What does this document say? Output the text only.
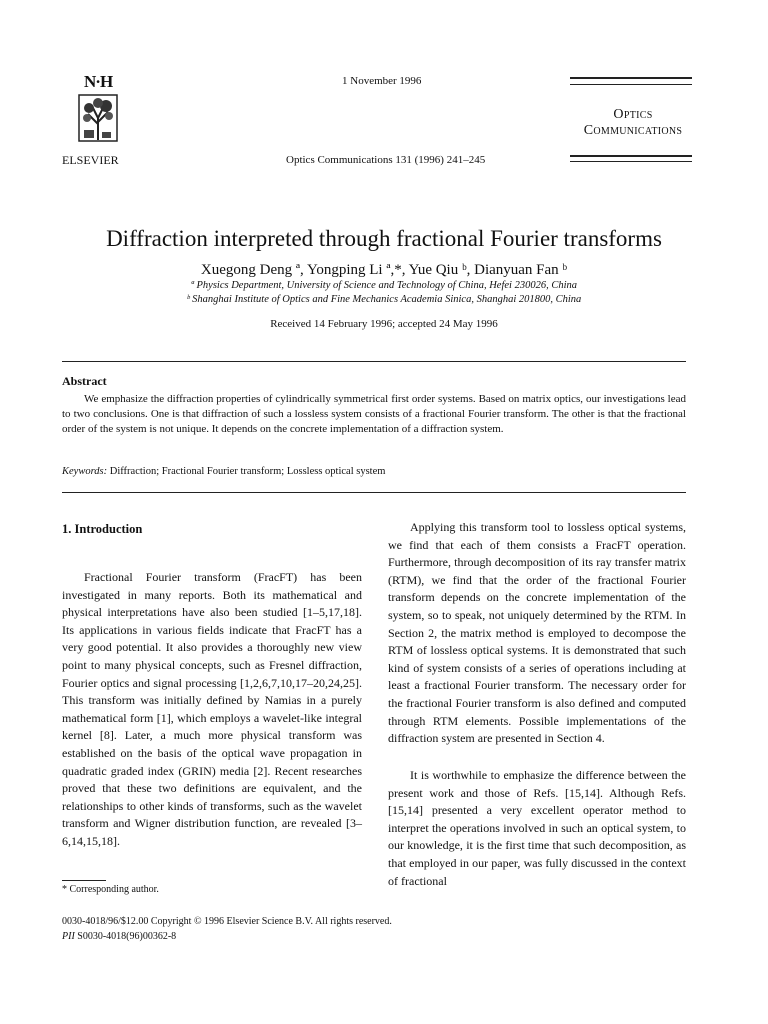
N·H
ELSEVIER
1 November 1996
Optics Communications 131 (1996) 241–245
Optics
Communications
Diffraction interpreted through fractional Fourier transforms
Xuegong Deng ª, Yongping Li ª,*, Yue Qiu ᵇ, Dianyuan Fan ᵇ
ª Physics Department, University of Science and Technology of China, Hefei 230026, China
ᵇ Shanghai Institute of Optics and Fine Mechanics Academia Sinica, Shanghai 201800, China
Received 14 February 1996; accepted 24 May 1996
Abstract

We emphasize the diffraction properties of cylindrically symmetrical first order systems. Based on matrix optics, our investigations lead to two conclusions. One is that diffraction of such a lossless system consists of a fractional Fourier transform. The other is that the fractional order of the system is not unique. It depends on the concrete implementation of a diffraction system.

Keywords: Diffraction; Fractional Fourier transform; Lossless optical system
1. Introduction

Fractional Fourier transform (FracFT) has been investigated in many reports. Both its mathematical and physical interpretations have also been studied [1–5,17,18]. Its applications in various fields indicate that FracFT has a very good potential. It also provides a thoroughly new view point to many physical concepts, such as Fresnel diffraction, Fourier optics and signal processing [1,2,6,7,10,17–20,24,25]. This transform was initially defined by Namias in a purely mathematical form [1], which employs a wavelet-like integral kernel [8]. Later, a much more physical transform was established on the basis of the optical wave propagation in quadratic graded index (GRIN) media [2]. Recent researches proved that these two definitions are equivalent, and the relationships to other kinds of transforms, such as the wavelet transform and Wigner distribution function, are revealed [3–6,14,15,18].

Applying this transform tool to lossless optical systems, we find that each of them consists a FracFT operation. Furthermore, through decomposition of its ray transfer matrix (RTM), we find that the order of the fractional Fourier transform depends on the concrete implementation of the system, so to speak, not uniquely determined by the RTM. In Section 2, the matrix method is employed to decompose the RTM of lossless optical systems. It is demonstrated that such kind of system consists of a series of operations including at least a fractional Fourier transform. The necessary order for the fractional Fourier transform is also defined and computed through RTM elements. Possible implementations of the diffraction system are presented in Section 4.

It is worthwhile to emphasize the difference between the present work and those of Refs. [15,14]. Although Refs. [15,14] presented a very excellent operator method to interpret the operations involved in such an optical system, to our knowledge, it is the first time that such decomposition, as that employed in our paper, was fully discussed in the context of fractional

* Corresponding author.
0030-4018/96/$12.00 Copyright © 1996 Elsevier Science B.V. All rights reserved.
PII S0030-4018(96)00362-8
